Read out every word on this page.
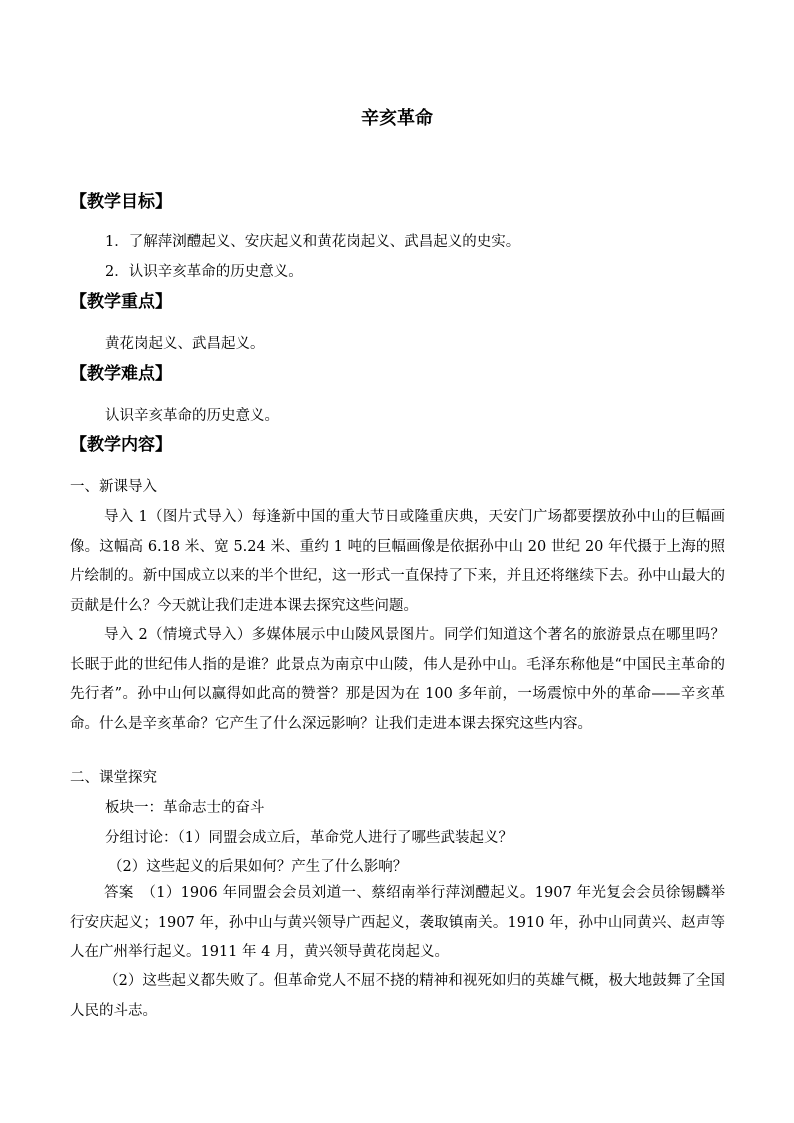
辛亥革命
【教学目标】
1．了解萍浏醴起义、安庆起义和黄花岗起义、武昌起义的史实。
2．认识辛亥革命的历史意义。
【教学重点】
黄花岗起义、武昌起义。
【教学难点】
认识辛亥革命的历史意义。
【教学内容】
一、新课导入

导入 1（图片式导入）每逢新中国的重大节日或隆重庆典，天安门广场都要摆放孙中山的巨幅画像。这幅高 6.18 米、宽 5.24 米、重约 1 吨的巨幅画像是依据孙中山 20 世纪 20 年代摄于上海的照片绘制的。新中国成立以来的半个世纪，这一形式一直保持了下来，并且还将继续下去。孙中山最大的贡献是什么？今天就让我们走进本课去探究这些问题。

导入 2（情境式导入）多媒体展示中山陵风景图片。同学们知道这个著名的旅游景点在哪里吗？长眠于此的世纪伟人指的是谁？此景点为南京中山陵，伟人是孙中山。毛泽东称他是“中国民主革命的先行者”。孙中山何以赢得如此高的赞誉？那是因为在 100 多年前，一场震惊中外的革命——辛亥革命。什么是辛亥革命？它产生了什么深远影响？让我们走进本课去探究这些内容。

二、课堂探究
板块一：革命志士的奋斗
分组讨论：（1）同盟会成立后，革命党人进行了哪些武装起义？
（2）这些起义的后果如何？产生了什么影响？

答案　（1）1906 年同盟会会员刘道一、蔡绍南举行萍浏醴起义。1907 年光复会会员徐锡麟举行安庆起义；1907 年，孙中山与黄兴领导广西起义，袭取镇南关。1910 年，孙中山同黄兴、赵声等人在广州举行起义。1911 年 4 月，黄兴领导黄花岗起义。

（2）这些起义都失败了。但革命党人不屈不挠的精神和视死如归的英雄气概，极大地鼓舞了全国人民的斗志。
